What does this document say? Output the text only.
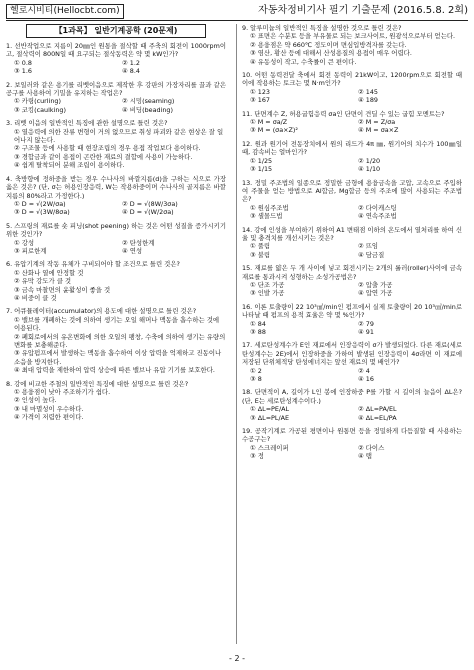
헬로시비티(Hellocbt.com)	자동차정비기사 필기 기출문제 (2016.5.8. 2회)
【1과목】 일반기계공학 (20문제)

1. 선반작업으로 지름이 20㎜인 원통을 절삭할 때 주축의 회전이 1000rpm이고, 절삭력이 800N일 때 요구되는 절삭동력은 약 몇 kW인가?

① 0.8	② 1.2
③ 1.6	④ 8.4

2. 보일러와 같은 용기를 리벳이음으로 제작한 후 강판의 가장자리를 끌과 같은 공구를 사용하여 기밀을 유지하는 작업은?

① 카링(curling)	② 시밍(seaming)
③ 코킹(caulking)	④ 비딩(beading)

3. 리벳 이음의 일반적인 특징에 관한 설명으로 틀린 것은?

① 열응력에 의한 잔류 변형이 거의 없으므로 취성 파괴와 같은 현상은 잘 일어나지 않는다.
② 구조물 등에 사용할 때 현장조립의 경우 용접 작업보다 용이하다.
③ 경합금과 같이 용접이 곤란한 재료의 결합에 사용이 가능하다.
④ 쉽게 탈착되어 분해 조립이 용이하다.

4. 축방향에 정하중을 받는 경우 수나사의 바깥지름(d)을 구하는 식으로 가장 옳은 것은? (단, σ는 허용인장응력, W는 작용하중이며 수나사의 골지름은 바깥지름의 80%라고 가정한다.)

① D = √(2W/σa)	② D = √(8W/3σa)
③ D = √(3W/8σa)	④ D = √(W/2σa)

5. 스프링의 재료를 숏 피닝(shot peening) 하는 것은 어떤 성질을 증가시키기 위한 것인가?

① 강성	② 탄성한계
③ 피로한계	④ 연성

6. 유압기계의 작동 유체가 구비되어야 할 조건으로 틀린 것은?

① 산화나 열에 안정할 것
② 유막 강도가 클 것
③ 금속 마찰면의 윤활성이 좋을 것
④ 비중이 클 것

7. 어큐뮬레이터(accumulator)의 용도에 대한 설명으로 틀린 것은?

① 밸브를 개폐하는 것에 의하여 생기는 오일 해머나 맥동을 흡수하는 것에 이용된다.
② 폐회로에서의 유온변화에 의한 오일의 팽창, 수축에 의하여 생기는 유량의 변화를 보충해준다.
③ 유압펌프에서 발생하는 맥동을 흡수하여 이상 압력을 억제하고 진동이나 소음을 방지한다.
④ 최대 압력을 제한하여 압력 상승에 따른 밸브나 유압 기기를 보호한다.

8. 강에 비교한 주철의 일반적인 특징에 대한 설명으로 틀린 것은?

① 용융점이 낮아 주조하기가 쉽다.
② 인성이 높다.
③ 내 마멸성이 우수하다.
④ 가격이 저렴한 편이다.

9. 알루미늄의 일반적인 특징을 설명한 것으로 틀린 것은?

① 표면은 수분토 등을 부유물로 되는 보크사이트, 원광석으로부터 얻는다.
② 용융점은 약 660℃ 정도이며 면심입방격자를 갖는다.
③ 염산, 황산 등에 대해서 산성용질의 용접이 매우 어렵다.
④ 유동성이 작고, 수축률이 큰 편이다.

10. 어떤 동력전달 축에서 회전 동력이 21kW이고, 1200rpm으로 회전할 때 이에 작용하는 토크는 몇 N·m인가?

① 123	② 145
③ 167	④ 189

11. 단면계수 Z, 허용굽힘응력 σa인 단면이 견딜 수 있는 굽힘 모멘트는?

① M = σa/Z	② M = Z/σa
③ M = (σa×Z)²	④ M = σa×Z

12. 원과 원기어 전동장치에서 원의 리드가 4π ㎜, 원기어의 치수가 100㎜일 때, 감속비는 얼마인가?

① 1/25	② 1/20
③ 1/15	④ 1/10

13. 정밀 주조법의 일종으로 정밀한 금형에 용융금속을 고압, 고속으로 주입하여 주물을 얻는 방법으로 Al합금, Mg합금 등의 주조에 많이 사용되는 주조법은?

① 원심주조법	② 다이캐스팅
③ 셸몰드법	④ 연속주조법

14. 강에 인성을 부여하기 위하여 A1 변태점 이하의 온도에서 열처리를 하여 신율 및 충격치를 개선시키는 것은?

① 풀림	② 뜨임
③ 불림	④ 담금질

15. 재료를 얇은 두 개 사이에 넣고 회전시키는 2개의 롤러(roller)사이에 금속재료를 통과시켜 성형하는 소성가공법은?

① 단조 가공	② 압출 가공
③ 인발 가공	④ 압연 가공

16. 이론 토출량이 22 10³㎤/min인 펌프에서 실제 토출량이 20 10³㎤/min로 나타날 때 펌프의 용적 효율은 약 몇 %인가?

① 84	② 79
③ 88	④ 91

17. 세로탄성계수가 E인 재료에서 인장응력이 σ가 발생되었다. 다른 재료(세로 탄성계수는 2E)에서 인장하중을 가하여 발생된 인장응력이 4σ라면 이 재료에 저장된 단위체적당 탄성에너지는 앞선 재료의 몇 배인가?

① 2	② 4
③ 8	④ 16

18. 단면적이 A, 길이가 L인 봉에 인장하중 P를 가할 시 길이의 늘음이 ΔL은? (단, E는 세로탄성계수이다.)

① ΔL=PE/AL	② ΔL=PA/EL
③ ΔL=PL/AE	④ ΔL=EL/PA

19. 공작기계로 가공된 평면이나 원통면 등을 정밀하게 다듬질할 때 사용하는 수공구는?

① 스크레이퍼	② 다이스
③ 정	④ 탭
- 2 -
